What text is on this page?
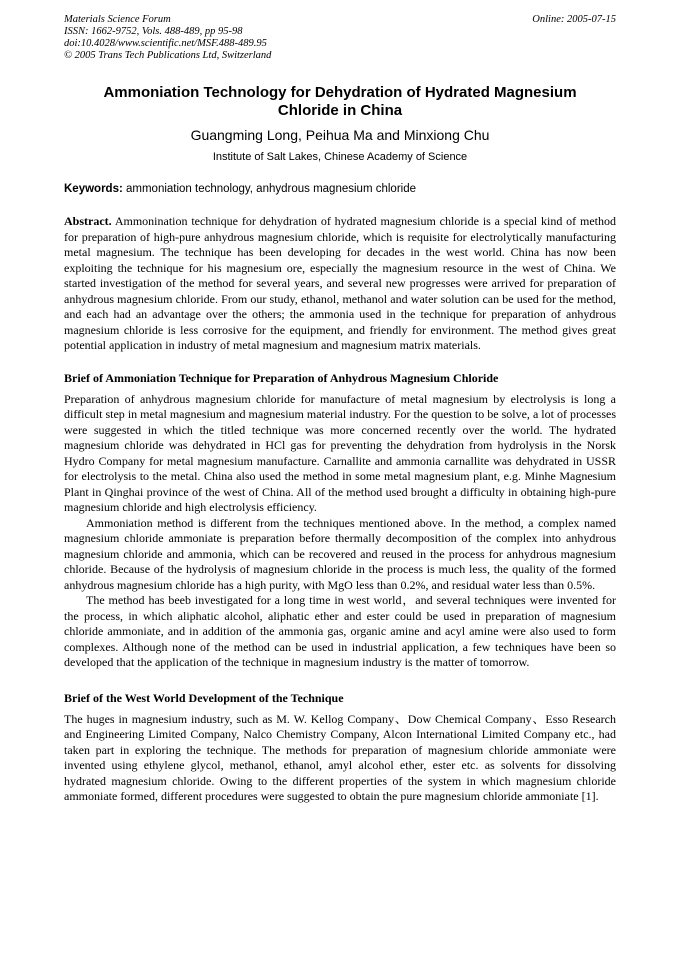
Materials Science Forum
ISSN: 1662-9752, Vols. 488-489, pp 95-98
doi:10.4028/www.scientific.net/MSF.488-489.95
© 2005 Trans Tech Publications Ltd, Switzerland
Online: 2005-07-15
Ammoniation Technology for Dehydration of Hydrated Magnesium Chloride in China
Guangming Long, Peihua Ma and Minxiong Chu
Institute of Salt Lakes, Chinese Academy of Science
Keywords: ammoniation technology, anhydrous magnesium chloride
Abstract. Ammonination technique for dehydration of hydrated magnesium chloride is a special kind of method for preparation of high-pure anhydrous magnesium chloride, which is requisite for electrolytically manufacturing metal magnesium. The technique has been developing for decades in the west world. China has now been exploiting the technique for his magnesium ore, especially the magnesium resource in the west of China. We started investigation of the method for several years, and several new progresses were arrived for preparation of anhydrous magnesium chloride. From our study, ethanol, methanol and water solution can be used for the method, and each had an advantage over the others; the ammonia used in the technique for preparation of anhydrous magnesium chloride is less corrosive for the equipment, and friendly for environment. The method gives great potential application in industry of metal magnesium and magnesium matrix materials.
Brief of Ammoniation Technique for Preparation of Anhydrous Magnesium Chloride

Preparation of anhydrous magnesium chloride for manufacture of metal magnesium by electrolysis is long a difficult step in metal magnesium and magnesium material industry. For the question to be solve, a lot of processes were suggested in which the titled technique was more concerned recently over the world. The hydrated magnesium chloride was dehydrated in HCl gas for preventing the dehydration from hydrolysis in the Norsk Hydro Company for metal magnesium manufacture. Carnallite and ammonia carnallite was dehydrated in USSR for electrolysis to the metal. China also used the method in some metal magnesium plant, e.g. Minhe Magnesium Plant in Qinghai province of the west of China. All of the method used brought a difficulty in obtaining high-pure magnesium chloride and high electrolysis efficiency.

Ammoniation method is different from the techniques mentioned above. In the method, a complex named magnesium chloride ammoniate is preparation before thermally decomposition of the complex into anhydrous magnesium chloride and ammonia, which can be recovered and reused in the process for anhydrous magnesium chloride. Because of the hydrolysis of magnesium chloride in the process is much less, the quality of the formed anhydrous magnesium chloride has a high purity, with MgO less than 0.2%, and residual water less than 0.5%.

The method has beeb investigated for a long time in west world，and several techniques were invented for the process, in which aliphatic alcohol, aliphatic ether and ester could be used in preparation of magnesium chloride ammoniate, and in addition of the ammonia gas, organic amine and acyl amine were also used to form complexes. Although none of the method can be used in industrial application, a few techniques have been so developed that the application of the technique in magnesium industry is the matter of tomorrow.

Brief of the West World Development of the Technique

The huges in magnesium industry, such as M. W. Kellog Company、Dow Chemical Company、Esso Research and Engineering Limited Company, Nalco Chemistry Company, Alcon International Limited Company etc., had taken part in exploring the technique. The methods for preparation of magnesium chloride ammoniate were invented using ethylene glycol, methanol, ethanol, amyl alcohol ether, ester etc. as solvents for dissolving hydrated magnesium chloride. Owing to the different properties of the system in which magnesium chloride ammoniate formed, different procedures were suggested to obtain the pure magnesium chloride ammoniate [1].
